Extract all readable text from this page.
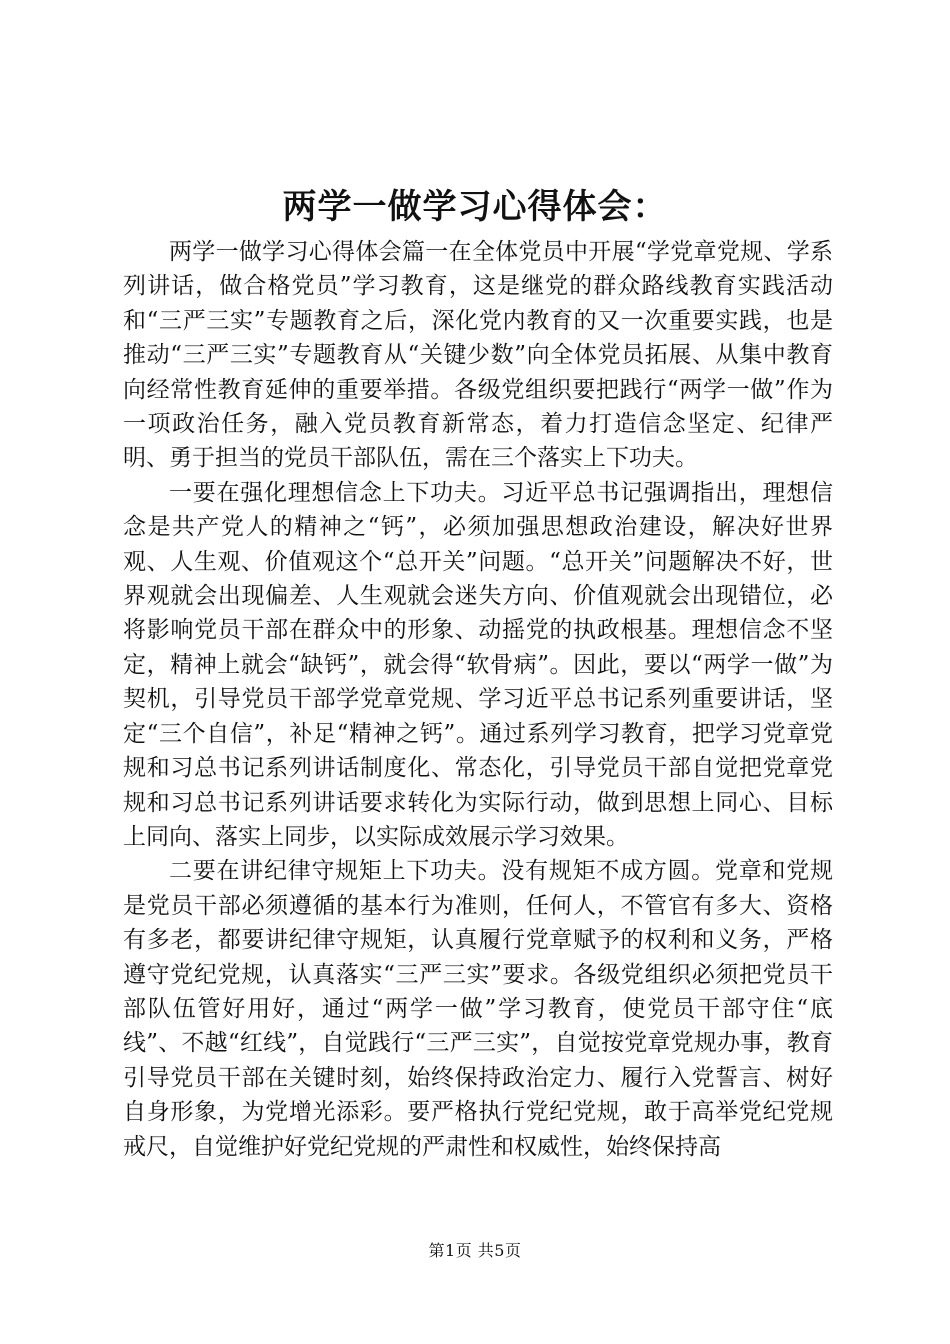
两学一做学习心得体会：

两学一做学习心得体会篇一在全体党员中开展“学党章党规、学系列讲话，做合格党员”学习教育，这是继党的群众路线教育实践活动和“三严三实”专题教育之后，深化党内教育的又一次重要实践，也是推动“三严三实”专题教育从“关键少数”向全体党员拓展、从集中教育向经常性教育延伸的重要举措。各级党组织要把践行“两学一做”作为一项政治任务，融入党员教育新常态，着力打造信念坚定、纪律严明、勇于担当的党员干部队伍，需在三个落实上下功夫。

一要在强化理想信念上下功夫。习近平总书记强调指出，理想信念是共产党人的精神之“钙”，必须加强思想政治建设，解决好世界观、人生观、价值观这个“总开关”问题。“总开关”问题解决不好，世界观就会出现偏差、人生观就会迷失方向、价值观就会出现错位，必将影响党员干部在群众中的形象、动摇党的执政根基。理想信念不坚定，精神上就会“缺钙”，就会得“软骨病”。因此，要以“两学一做”为契机，引导党员干部学党章党规、学习近平总书记系列重要讲话，坚定“三个自信”，补足“精神之钙”。通过系列学习教育，把学习党章党规和习总书记系列讲话制度化、常态化，引导党员干部自觉把党章党规和习总书记系列讲话要求转化为实际行动，做到思想上同心、目标上同向、落实上同步，以实际成效展示学习效果。

二要在讲纪律守规矩上下功夫。没有规矩不成方圆。党章和党规是党员干部必须遵循的基本行为准则，任何人，不管官有多大、资格有多老，都要讲纪律守规矩，认真履行党章赋予的权利和义务，严格遵守党纪党规，认真落实“三严三实”要求。各级党组织必须把党员干部队伍管好用好，通过“两学一做”学习教育，使党员干部守住“底线”、不越“红线”，自觉践行“三严三实”，自觉按党章党规办事，教育引导党员干部在关键时刻，始终保持政治定力、履行入党誓言、树好自身形象，为党增光添彩。要严格执行党纪党规，敢于高举党纪党规戒尺，自觉维护好党纪党规的严肃性和权威性，始终保持高

第1页 共5页
